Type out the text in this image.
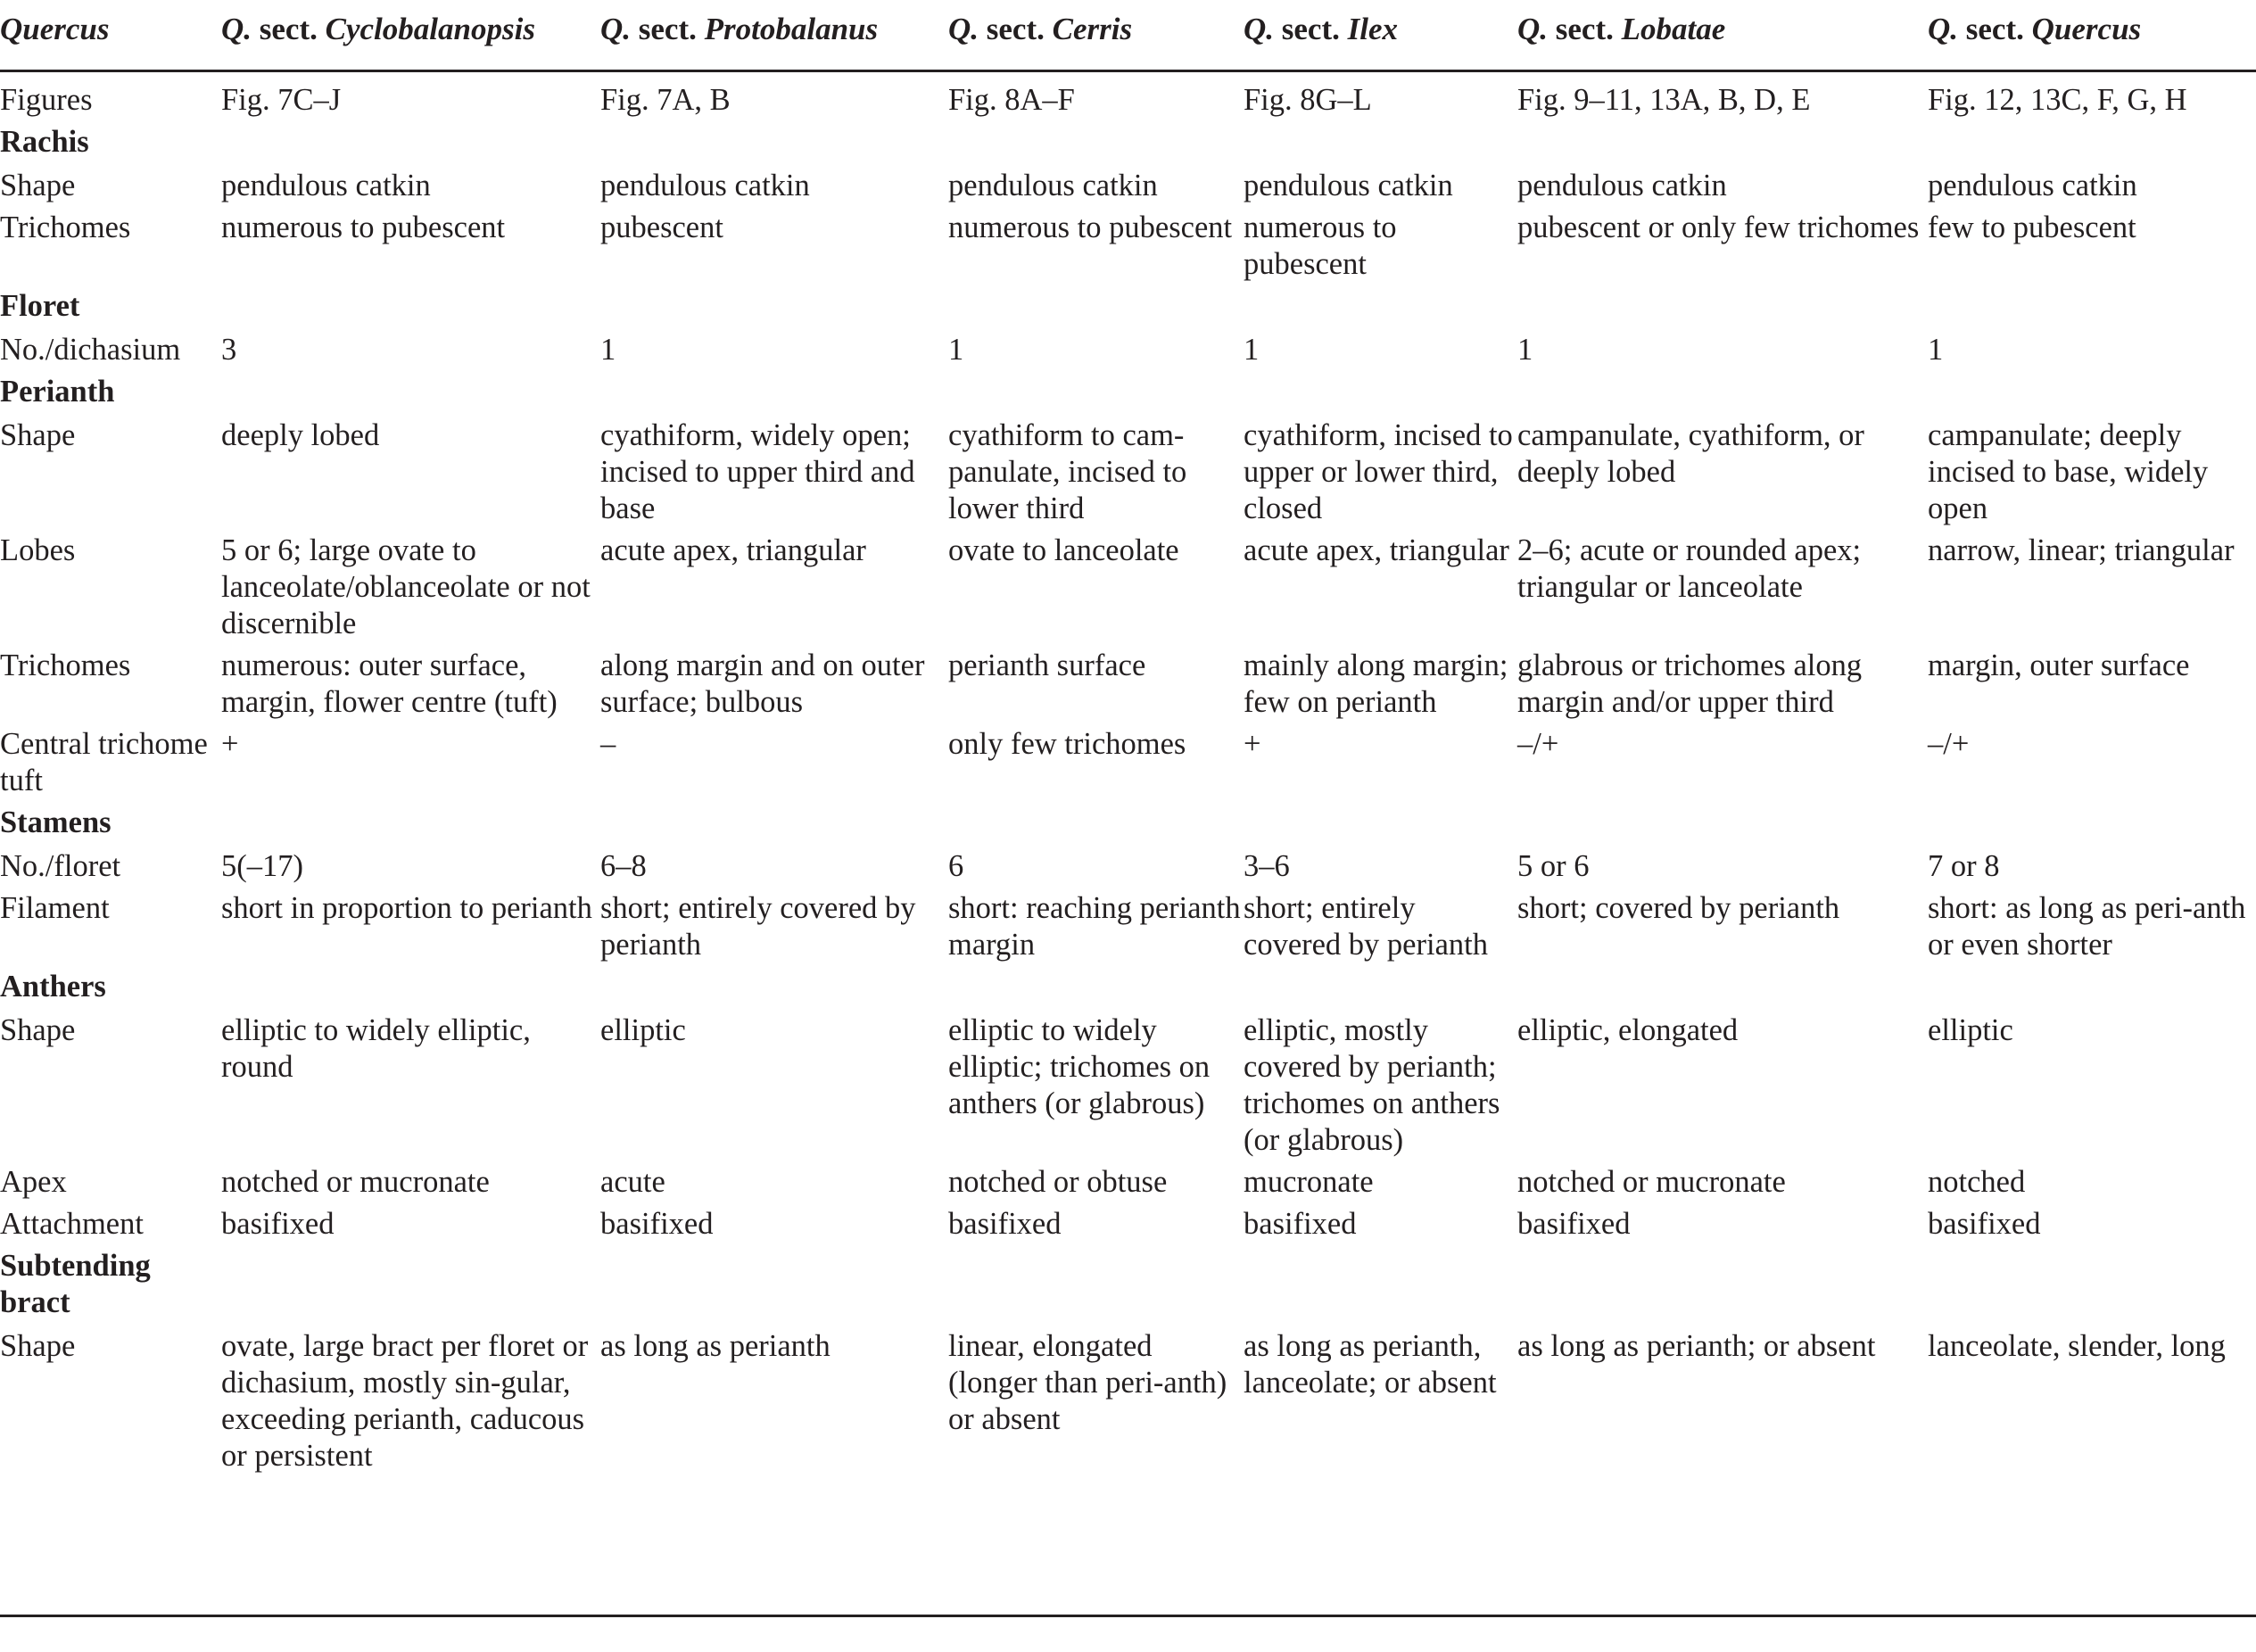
Quercus	Q. sect. Cyclobalanopsis	Q. sect. Protobalanus	Q. sect. Cerris	Q. sect. Ilex	Q. sect. Lobatae	Q. sect. Quercus
Figures	Fig. 7C–J	Fig. 7A, B	Fig. 8A–F	Fig. 8G–L	Fig. 9–11, 13A, B, D, E	Fig. 12, 13C, F, G, H
Rachis						
Shape	pendulous catkin	pendulous catkin	pendulous catkin	pendulous catkin	pendulous catkin	pendulous catkin
Trichomes	numerous to pubescent	pubescent	numerous to pubescent	numerous to pubescent	pubescent or only few trichomes	few to pubescent
Floret						
No./dichasium	3	1	1	1	1	1
Perianth						
Shape	deeply lobed	cyathiform, widely open; incised to upper third and base	cyathiform to cam-panulate, incised to lower third	cyathiform, incised to upper or lower third, closed	campanulate, cyathiform, or deeply lobed	campanulate; deeply incised to base, widely open
Lobes	5 or 6; large ovate to lanceolate/oblanceolate or not discernible	acute apex, triangular	ovate to lanceolate	acute apex, triangular	2–6; acute or rounded apex; triangular or lanceolate	narrow, linear; triangular
Trichomes	numerous: outer surface, margin, flower centre (tuft)	along margin and on outer surface; bulbous	perianth surface	mainly along margin; few on perianth	glabrous or trichomes along margin and/or upper third	margin, outer surface
Central trichome tuft	+	–	only few trichomes	+	–/+	–/+
Stamens						
No./floret	5(–17)	6–8	6	3–6	5 or 6	7 or 8
Filament	short in proportion to perianth	short; entirely covered by perianth	short: reaching perianth margin	short; entirely covered by perianth	short; covered by perianth	short: as long as peri-anth or even shorter
Anthers						
Shape	elliptic to widely elliptic, round	elliptic	elliptic to widely elliptic; trichomes on anthers (or glabrous)	elliptic, mostly covered by perianth; trichomes on anthers (or glabrous)	elliptic, elongated	elliptic
Apex	notched or mucronate	acute	notched or obtuse	mucronate	notched or mucronate	notched
Attachment	basifixed	basifixed	basifixed	basifixed	basifixed	basifixed
Subtending bract						
Shape	ovate, large bract per floret or dichasium, mostly sin-gular, exceeding perianth, caducous or persistent	as long as perianth	linear, elongated (longer than peri-anth) or absent	as long as perianth, lanceolate; or absent	as long as perianth; or absent	lanceolate, slender, long
